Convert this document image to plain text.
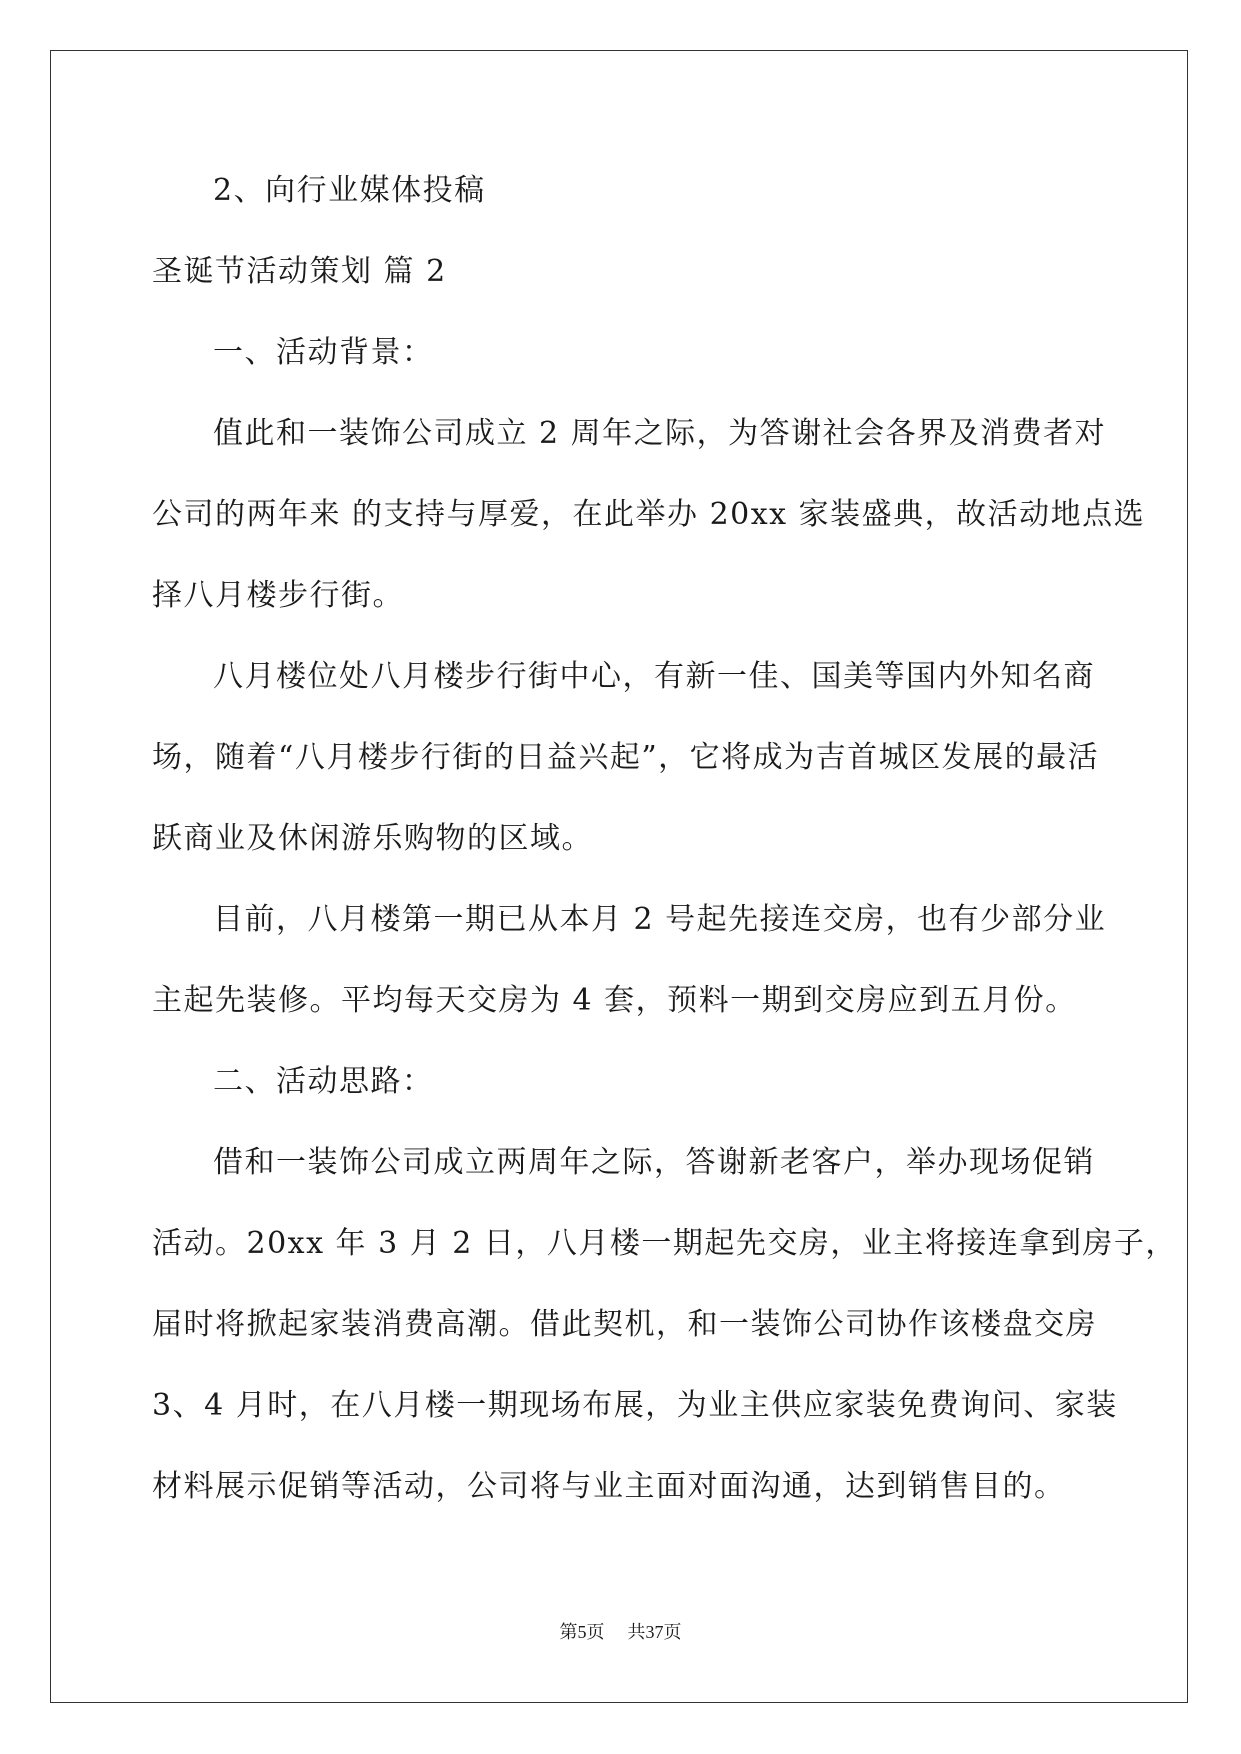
2、向行业媒体投稿
圣诞节活动策划 篇 2
一、活动背景：
值此和一装饰公司成立 2 周年之际，为答谢社会各界及消费者对
公司的两年来 的支持与厚爱，在此举办 20xx 家装盛典，故活动地点选
择八月楼步行街。
八月楼位处八月楼步行街中心，有新一佳、国美等国内外知名商
场，随着“八月楼步行街的日益兴起”，它将成为吉首城区发展的最活
跃商业及休闲游乐购物的区域。
目前，八月楼第一期已从本月 2 号起先接连交房，也有少部分业
主起先装修。平均每天交房为 4 套，预料一期到交房应到五月份。
二、活动思路：
借和一装饰公司成立两周年之际，答谢新老客户，举办现场促销
活动。20xx 年 3 月 2 日，八月楼一期起先交房，业主将接连拿到房子，
届时将掀起家装消费高潮。借此契机，和一装饰公司协作该楼盘交房
3、4 月时，在八月楼一期现场布展，为业主供应家装免费询问、家装
材料展示促销等活动，公司将与业主面对面沟通，达到销售目的。
第5页    共37页
